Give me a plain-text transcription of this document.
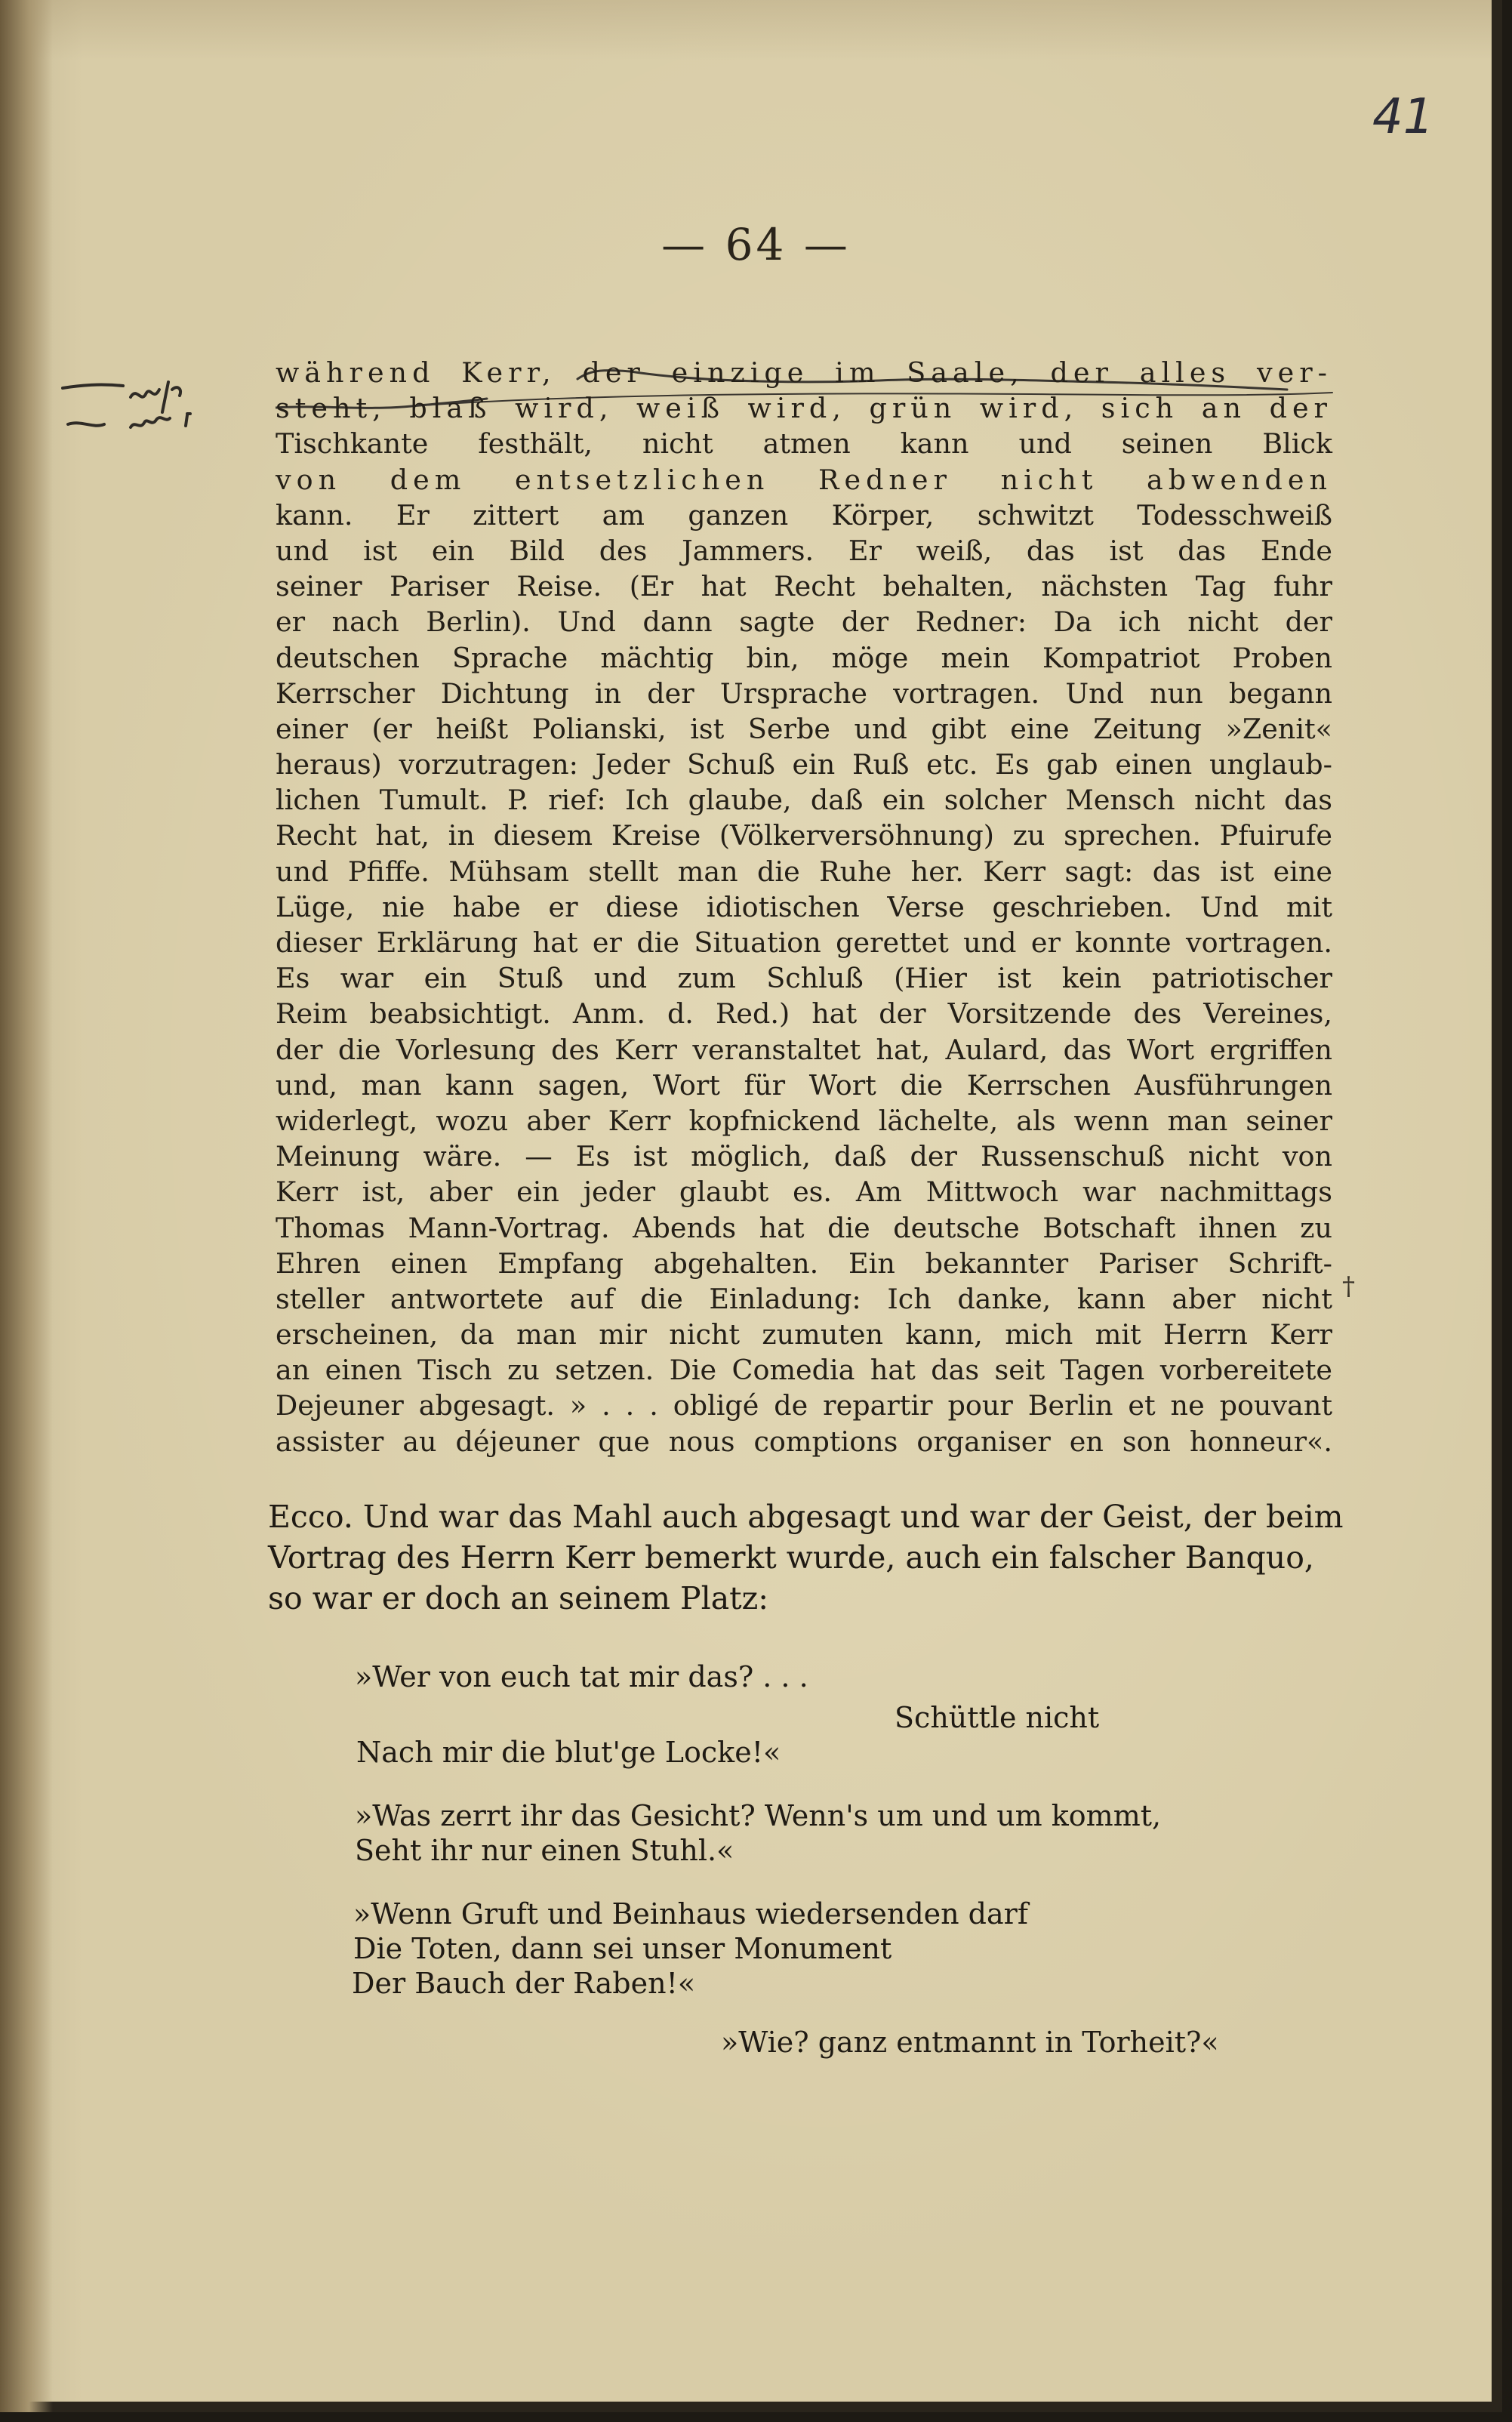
41
— 64 —
während Kerr, der einzige im Saale, der alles ver-
steht, blaß wird, weiß wird, grün wird, sich an der
Tischkante festhält, nicht atmen kann und seinen Blick
von dem entsetzlichen Redner nicht abwenden
kann. Er zittert am ganzen Körper, schwitzt Todesschweiß
und ist ein Bild des Jammers. Er weiß, das ist das Ende
seiner Pariser Reise. (Er hat Recht behalten, nächsten Tag fuhr
er nach Berlin). Und dann sagte der Redner: Da ich nicht der
deutschen Sprache mächtig bin, möge mein Kompatriot Proben
Kerrscher Dichtung in der Ursprache vortragen. Und nun begann
einer (er heißt Polianski, ist Serbe und gibt eine Zeitung »Zenit«
heraus) vorzutragen: Jeder Schuß ein Ruß etc. Es gab einen unglaub-
lichen Tumult. P. rief: Ich glaube, daß ein solcher Mensch nicht das
Recht hat, in diesem Kreise (Völkerversöhnung) zu sprechen. Pfuirufe
und Pfiffe. Mühsam stellt man die Ruhe her. Kerr sagt: das ist eine
Lüge, nie habe er diese idiotischen Verse geschrieben. Und mit
dieser Erklärung hat er die Situation gerettet und er konnte vortragen.
Es war ein Stuß und zum Schluß (Hier ist kein patriotischer
Reim beabsichtigt. Anm. d. Red.) hat der Vorsitzende des Vereines,
der die Vorlesung des Kerr veranstaltet hat, Aulard, das Wort ergriffen
und, man kann sagen, Wort für Wort die Kerrschen Ausführungen
widerlegt, wozu aber Kerr kopfnickend lächelte, als wenn man seiner
Meinung wäre. — Es ist möglich, daß der Russenschuß nicht von
Kerr ist, aber ein jeder glaubt es. Am Mittwoch war nachmittags
Thomas Mann-Vortrag. Abends hat die deutsche Botschaft ihnen zu
Ehren einen Empfang abgehalten. Ein bekannter Pariser Schrift-
steller antwortete auf die Einladung: Ich danke, kann aber nicht
erscheinen, da man mir nicht zumuten kann, mich mit Herrn Kerr
an einen Tisch zu setzen. Die Comedia hat das seit Tagen vorbereitete
Dejeuner abgesagt. » . . . obligé de repartir pour Berlin et ne pouvant
assister au déjeuner que nous comptions organiser en son honneur«.
†
Ecco. Und war das Mahl auch abgesagt und war der Geist, der beim
Vortrag des Herrn Kerr bemerkt wurde, auch ein falscher Banquo,
so war er doch an seinem Platz:
»Wer von euch tat mir das? . . .
Schüttle nicht
Nach mir die blut'ge Locke!«
»Was zerrt ihr das Gesicht? Wenn's um und um kommt,
Seht ihr nur einen Stuhl.«
»Wenn Gruft und Beinhaus wiedersenden darf
Die Toten, dann sei unser Monument
Der Bauch der Raben!«
»Wie? ganz entmannt in Torheit?«
